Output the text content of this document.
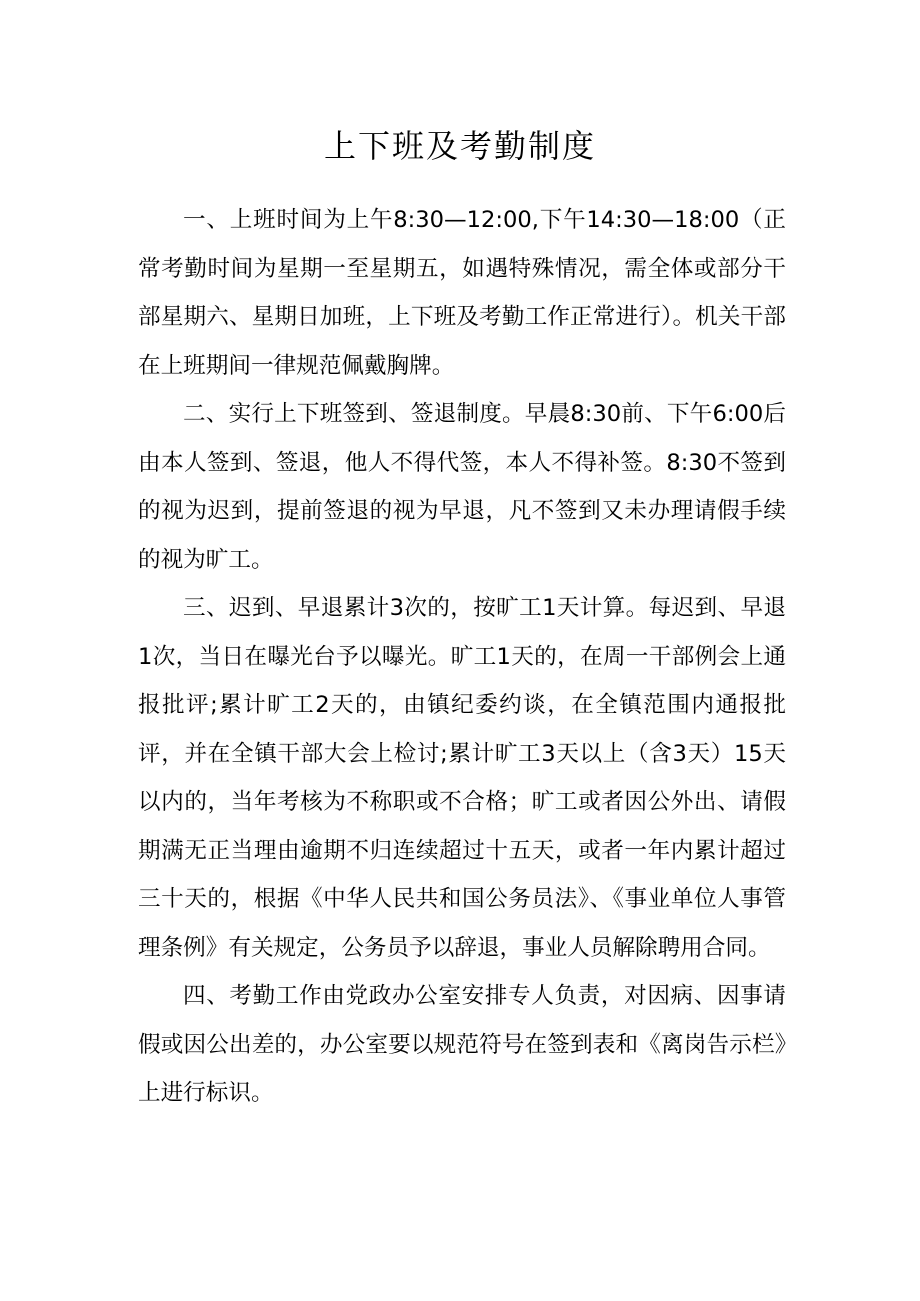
上下班及考勤制度

一、上班时间为上午8:30—12:00,下午14:30—18:00（正常考勤时间为星期一至星期五，如遇特殊情况，需全体或部分干部星期六、星期日加班，上下班及考勤工作正常进行）。机关干部在上班期间一律规范佩戴胸牌。

二、实行上下班签到、签退制度。早晨8:30前、下午6:00后由本人签到、签退，他人不得代签，本人不得补签。8:30不签到的视为迟到，提前签退的视为早退，凡不签到又未办理请假手续的视为旷工。

三、迟到、早退累计3次的，按旷工1天计算。每迟到、早退1次，当日在曝光台予以曝光。旷工1天的，在周一干部例会上通报批评;累计旷工2天的，由镇纪委约谈，在全镇范围内通报批评，并在全镇干部大会上检讨;累计旷工3天以上（含3天）15天以内的，当年考核为不称职或不合格；旷工或者因公外出、请假期满无正当理由逾期不归连续超过十五天，或者一年内累计超过三十天的，根据《中华人民共和国公务员法》、《事业单位人事管理条例》有关规定，公务员予以辞退，事业人员解除聘用合同。

四、考勤工作由党政办公室安排专人负责，对因病、因事请假或因公出差的，办公室要以规范符号在签到表和《离岗告示栏》上进行标识。
